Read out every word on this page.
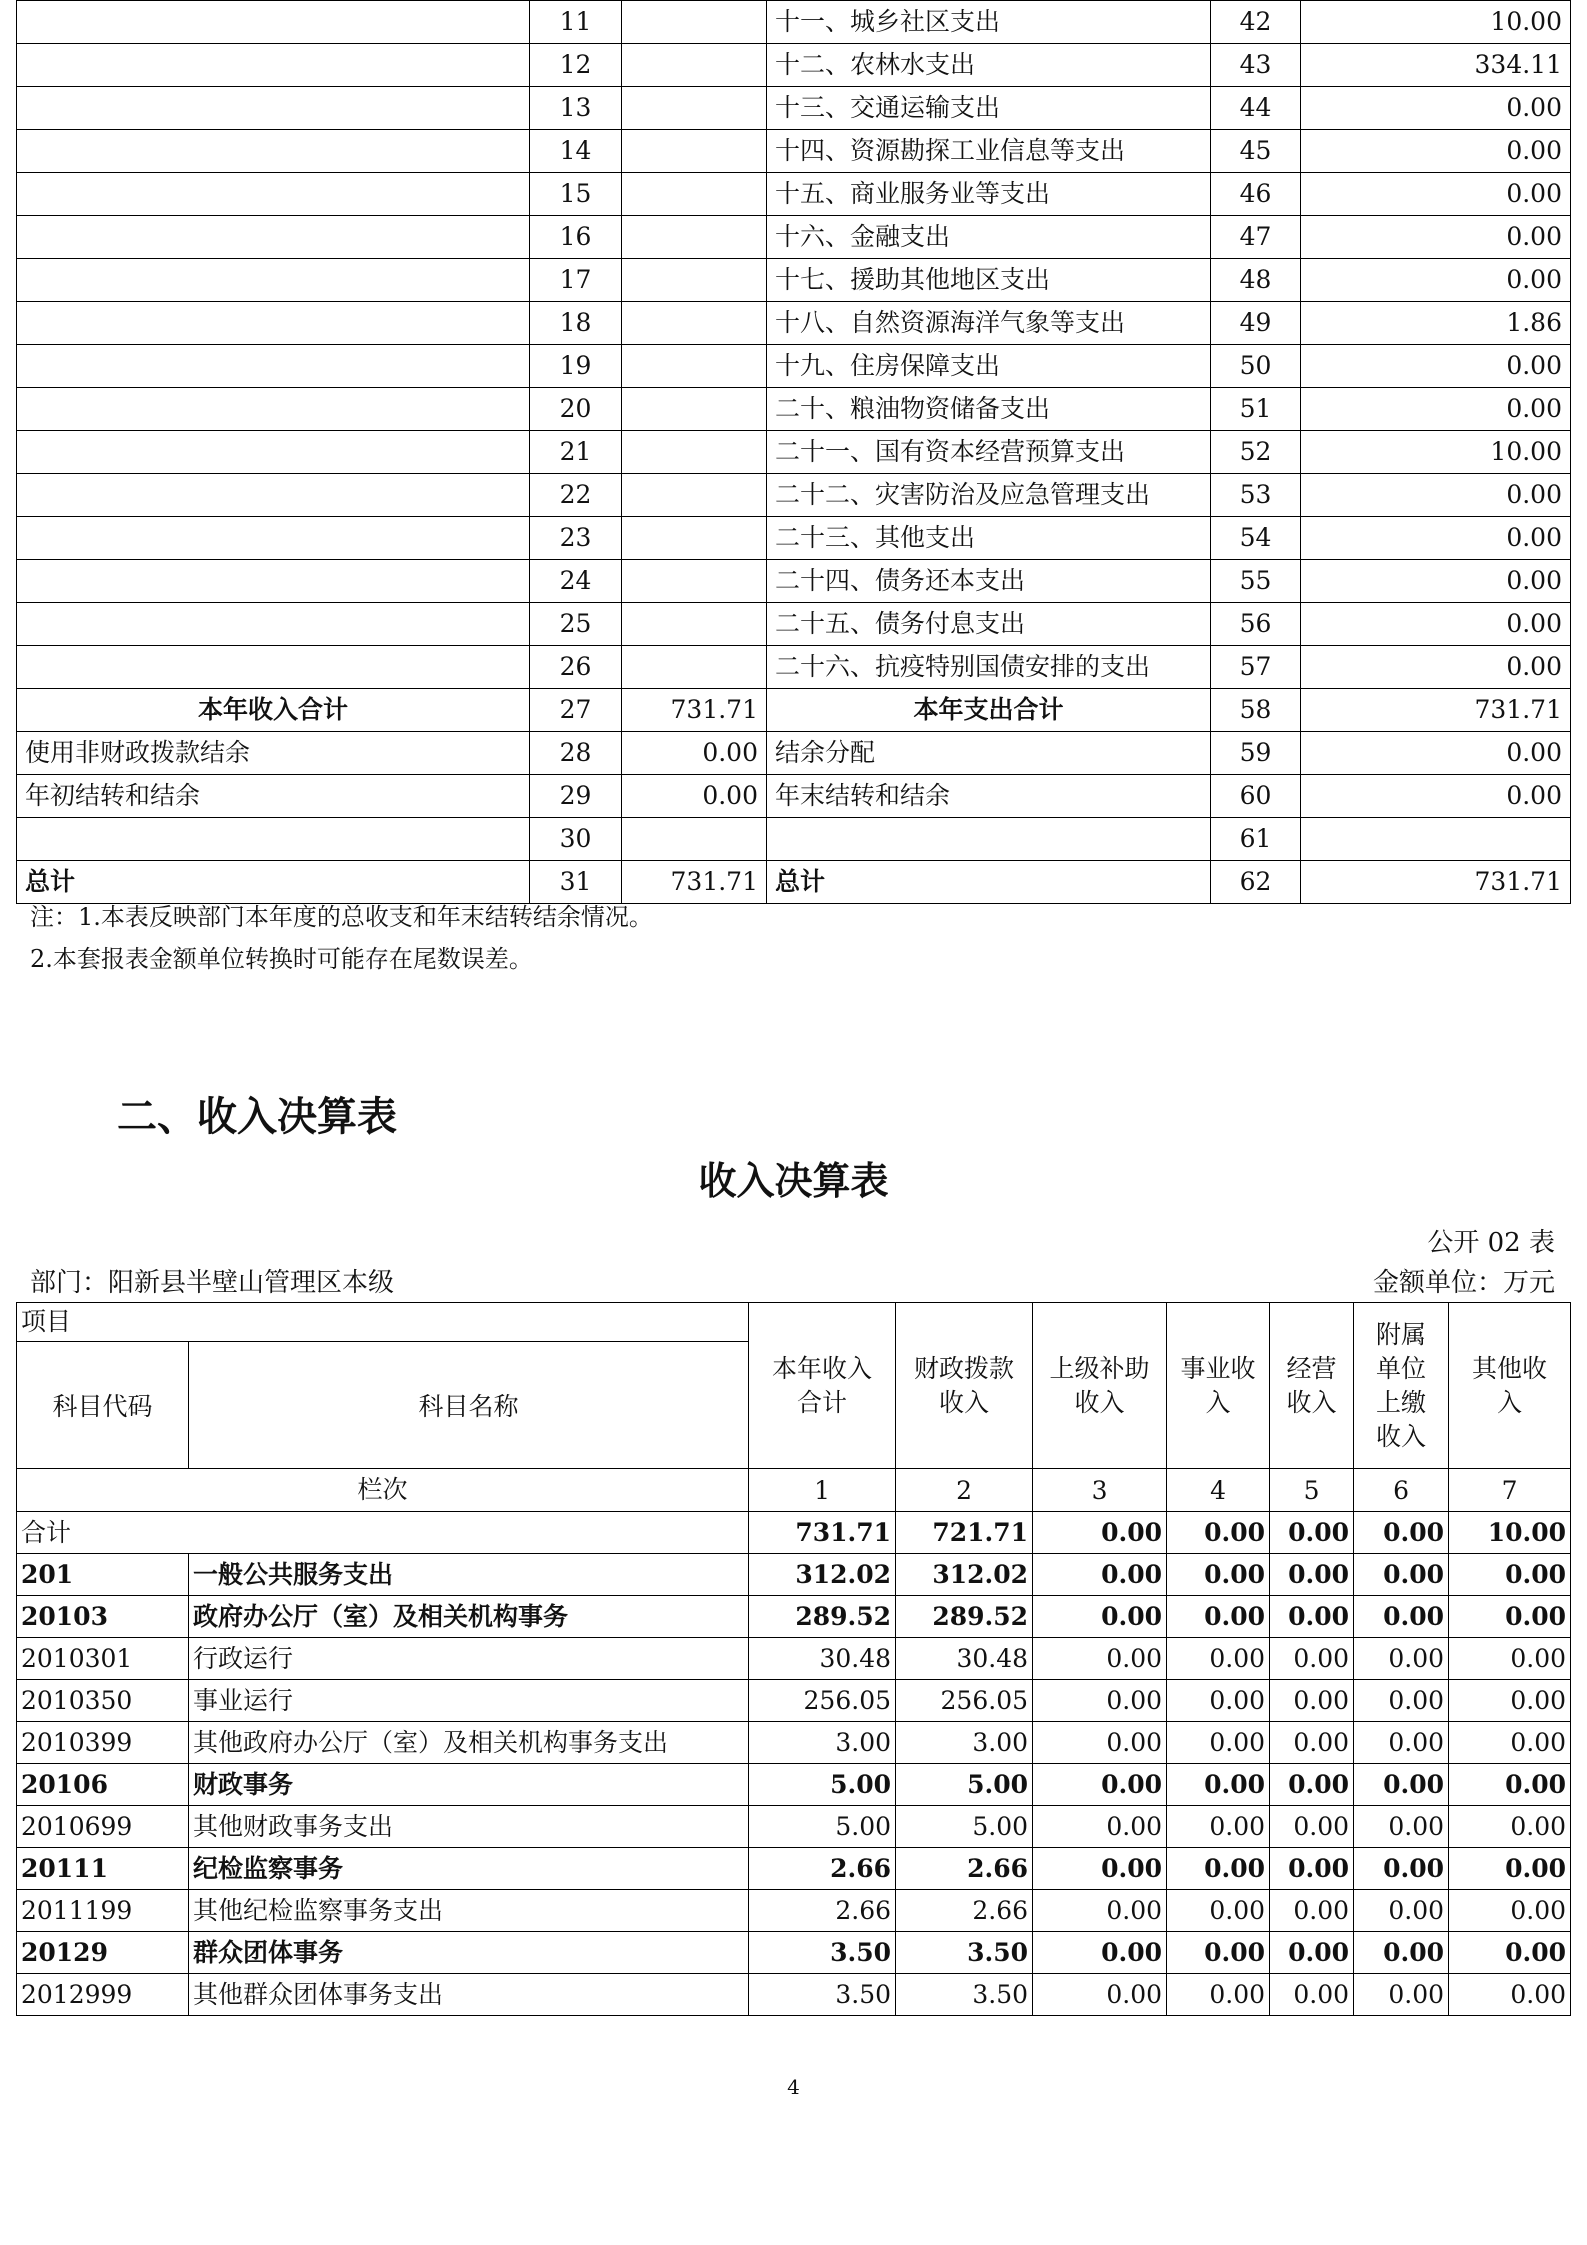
	11		十一、城乡社区支出	42	10.00
	12		十二、农林水支出	43	334.11
	13		十三、交通运输支出	44	0.00
	14		十四、资源勘探工业信息等支出	45	0.00
	15		十五、商业服务业等支出	46	0.00
	16		十六、金融支出	47	0.00
	17		十七、援助其他地区支出	48	0.00
	18		十八、自然资源海洋气象等支出	49	1.86
	19		十九、住房保障支出	50	0.00
	20		二十、粮油物资储备支出	51	0.00
	21		二十一、国有资本经营预算支出	52	10.00
	22		二十二、灾害防治及应急管理支出	53	0.00
	23		二十三、其他支出	54	0.00
	24		二十四、债务还本支出	55	0.00
	25		二十五、债务付息支出	56	0.00
	26		二十六、抗疫特别国债安排的支出	57	0.00
本年收入合计	27	731.71	本年支出合计	58	731.71
使用非财政拨款结余	28	0.00	结余分配	59	0.00
年初结转和结余	29	0.00	年末结转和结余	60	0.00
	30			61	
总计	31	731.71	总计	62	731.71
注：1.本表反映部门本年度的总收支和年末结转结余情况。
2.本套报表金额单位转换时可能存在尾数误差。
二、收入决算表
收入决算表
公开 02 表
部门：阳新县半壁山管理区本级	金额单位：万元
项目		本年收入合计	财政拨款收入	上级补助收入	事业收入	经营收入	附属单位上缴收入	其他收入
科目代码	科目名称							
栏次		1	2	3	4	5	6	7
合计		731.71	721.71	0.00	0.00	0.00	0.00	10.00
201	一般公共服务支出	312.02	312.02	0.00	0.00	0.00	0.00	0.00
20103	政府办公厅（室）及相关机构事务	289.52	289.52	0.00	0.00	0.00	0.00	0.00
2010301	行政运行	30.48	30.48	0.00	0.00	0.00	0.00	0.00
2010350	事业运行	256.05	256.05	0.00	0.00	0.00	0.00	0.00
2010399	其他政府办公厅（室）及相关机构事务支出	3.00	3.00	0.00	0.00	0.00	0.00	0.00
20106	财政事务	5.00	5.00	0.00	0.00	0.00	0.00	0.00
2010699	其他财政事务支出	5.00	5.00	0.00	0.00	0.00	0.00	0.00
20111	纪检监察事务	2.66	2.66	0.00	0.00	0.00	0.00	0.00
2011199	其他纪检监察事务支出	2.66	2.66	0.00	0.00	0.00	0.00	0.00
20129	群众团体事务	3.50	3.50	0.00	0.00	0.00	0.00	0.00
2012999	其他群众团体事务支出	3.50	3.50	0.00	0.00	0.00	0.00	0.00
4
